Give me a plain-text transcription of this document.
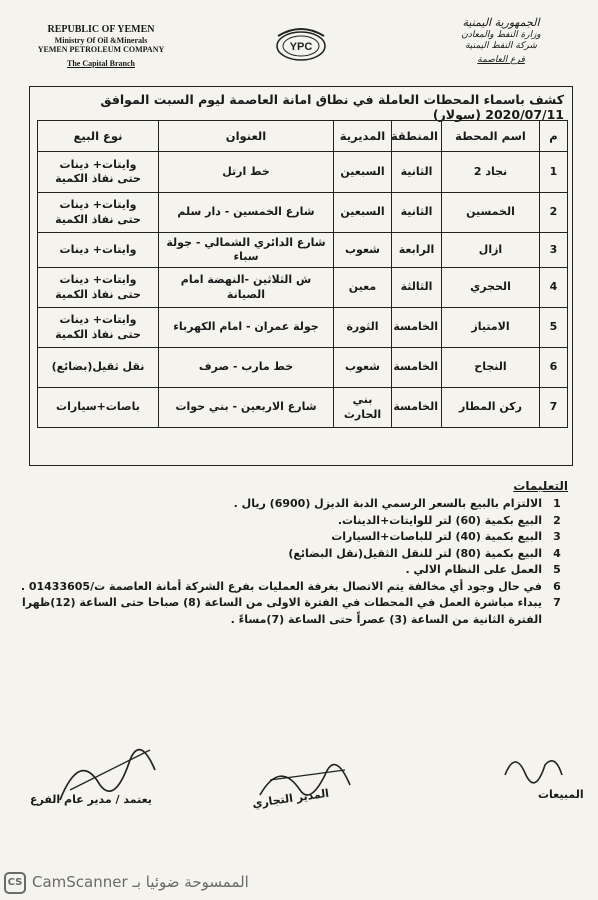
REPUBLIC OF YEMEN
Ministry Of Oil &Minerals
YEMEN PETROLEUM COMPANY
The Capital Branch
YPC
الجمهورية اليمنية
وزارة النفط والمعادن
شركة النفط اليمنية
فرع العاصمة
كشف باسماء المحطات العاملة في نطاق امانة العاصمة ليوم السبت الموافق 2020/07/11 (سولار)
م	اسم المحطة	المنطقة	المديرية	العنوان	نوع البيع
1	نجاد 2	الثانية	السبعين	خط ارتل	وايتات+ دينات
حتى نفاذ الكمية

2	الخمسين	الثانية	السبعين	شارع الخمسين - دار سلم	وايتات+ دينات
حتى نفاذ الكمية

3	ازال	الرابعة	شعوب	شارع الدائري الشمالي - جولة سباء	وايتات+ دينات

4	الحجري	الثالثة	معين	ش الثلاثين -النهضة امام الصيانة	وايتات+ دينات
حتى نفاذ الكمية

5	الامتياز	الخامسة	الثورة	جولة عمران - امام الكهرباء	وايتات+ دينات
حتى نفاذ الكمية

6	النجاح	الخامسة	شعوب	خط مارب - صرف	نقل ثقيل(بضائع)

7	ركن المطار	الخامسة	بني الحارث	شارع الاربعين - بني حوات	باصات+سيارات
التعليمات
1
الالتزام بالبيع بالسعر الرسمي الدبة الديزل (6900) ريال .
2
البيع بكمية (60) لتر للوايتات+الدينات.
3
البيع بكمية (40) لتر للباصات+السيارات
4
البيع بكمية (80) لتر للنقل الثقيل(نقل البضائع)
5
العمل على النظام الالي .
6
في حال وجود أي مخالفة يتم الاتصال بغرفة العمليات بفرع الشركة أمانة العاصمة ت/01433605 .
7
يبداء مباشرة العمل في المحطات في الفترة الاولى من الساعة (8) صباحا حتى الساعة (12)ظهرا
الفترة الثانية من الساعة (3) عصراً حتى الساعة (7)مساءً .
المبيعات
المدير التجاري
يعتمد / مدير عام الفرع
CS	الممسوحة ضوئيا بـ CamScanner
